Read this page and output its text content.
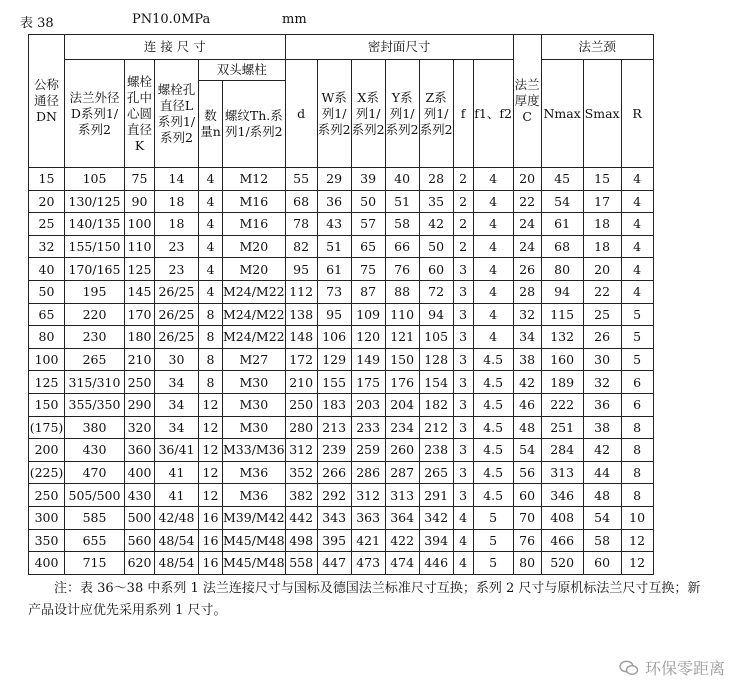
表 38	PN10.0MPa	mm
公称通径DN	连 接 尺 寸					密封面尺寸							法兰厚度C	法兰颈		
	法兰外径D系列1/系列2	螺栓孔中心圆直径K	螺栓孔直径L系列1/系列2	双头螺柱		d	W系列1/系列2	X系列1/系列2	Y系列1/系列2	Z系列1/系列2	f	f1、f2		Nmax	Smax	R
				数量n	螺纹Th.系列1/系列2											
15	105	75	14	4	M12	55	29	39	40	28	2	4	20	45	15	4
20	130/125	90	18	4	M16	68	36	50	51	35	2	4	22	54	17	4
25	140/135	100	18	4	M16	78	43	57	58	42	2	4	24	61	18	4
32	155/150	110	23	4	M20	82	51	65	66	50	2	4	24	68	18	4
40	170/165	125	23	4	M20	95	61	75	76	60	3	4	26	80	20	4
50	195	145	26/25	4	M24/M22	112	73	87	88	72	3	4	28	94	22	4
65	220	170	26/25	8	M24/M22	138	95	109	110	94	3	4	32	115	25	5
80	230	180	26/25	8	M24/M22	148	106	120	121	105	3	4	34	132	26	5
100	265	210	30	8	M27	172	129	149	150	128	3	4.5	38	160	30	5
125	315/310	250	34	8	M30	210	155	175	176	154	3	4.5	42	189	32	6
150	355/350	290	34	12	M30	250	183	203	204	182	3	4.5	46	222	36	6
(175)	380	320	34	12	M30	280	213	233	234	212	3	4.5	48	251	38	8
200	430	360	36/41	12	M33/M36	312	239	259	260	238	3	4.5	54	284	42	8
(225)	470	400	41	12	M36	352	266	286	287	265	3	4.5	56	313	44	8
250	505/500	430	41	12	M36	382	292	312	313	291	3	4.5	60	346	48	8
300	585	500	42/48	16	M39/M42	442	343	363	364	342	4	5	70	408	54	10
350	655	560	48/54	16	M45/M48	498	395	421	422	394	4	5	76	466	58	12
400	715	620	48/54	16	M45/M48	558	447	473	474	446	4	5	80	520	60	12
注：表 36～38 中系列 1 法兰连接尺寸与国标及德国法兰标准尺寸互换；系列 2 尺寸与原机标法兰尺寸互换；新产品设计应优先采用系列 1 尺寸。
环保零距离
